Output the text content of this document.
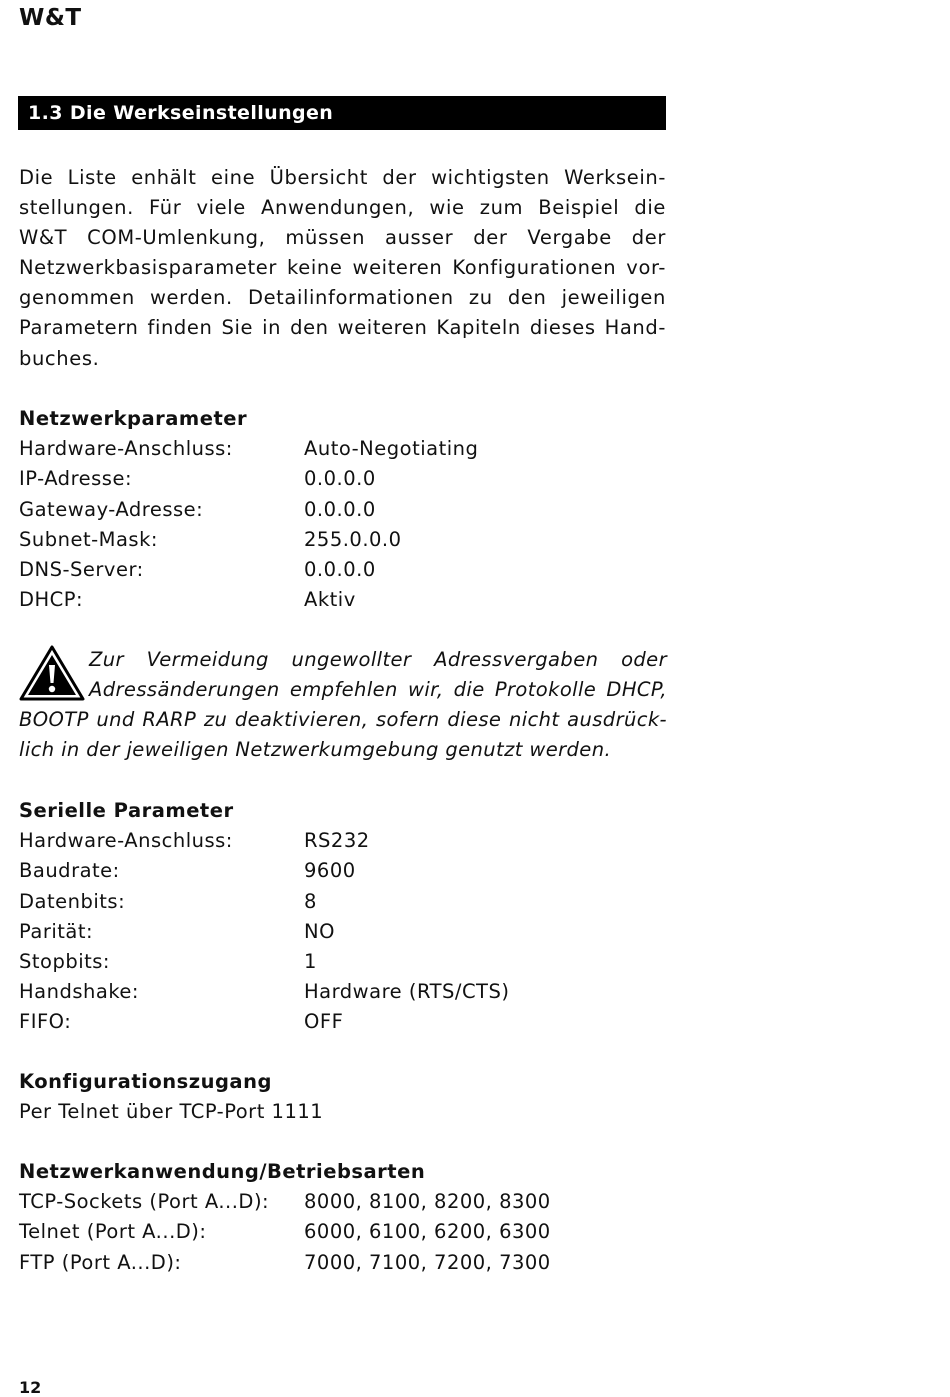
W&T
1.3 Die Werkseinstellungen
Die Liste enhält eine Übersicht der wichtigsten Werksein-
stellungen. Für viele Anwendungen, wie zum Beispiel die
W&T COM-Umlenkung, müssen ausser der Vergabe der
Netzwerkbasisparameter keine weiteren Konfigurationen vor-
genommen werden. Detailinformationen zu den jeweiligen
Parametern finden Sie in den weiteren Kapiteln dieses Hand-
buches.
Netzwerkparameter
Hardware-Anschluss:	Auto-Negotiating
IP-Adresse:	0.0.0.0
Gateway-Adresse:	0.0.0.0
Subnet-Mask:	255.0.0.0
DNS-Server:	0.0.0.0
DHCP:	Aktiv
Zur Vermeidung ungewollter Adressvergaben oder
Adressänderungen empfehlen wir, die Protokolle DHCP,
BOOTP und RARP zu deaktivieren, sofern diese nicht ausdrück-
lich in der jeweiligen Netzwerkumgebung genutzt werden.
Serielle Parameter
Hardware-Anschluss:	RS232
Baudrate:	9600
Datenbits:	8
Parität:	NO
Stopbits:	1
Handshake:	Hardware (RTS/CTS)
FIFO:	OFF
Konfigurationszugang
Per Telnet über TCP-Port 1111
Netzwerkanwendung/Betriebsarten
TCP-Sockets (Port A...D): 8000, 8100, 8200, 8300
Telnet (Port A...D):	6000, 6100, 6200, 6300
FTP (Port A...D):	7000, 7100, 7200, 7300
12
